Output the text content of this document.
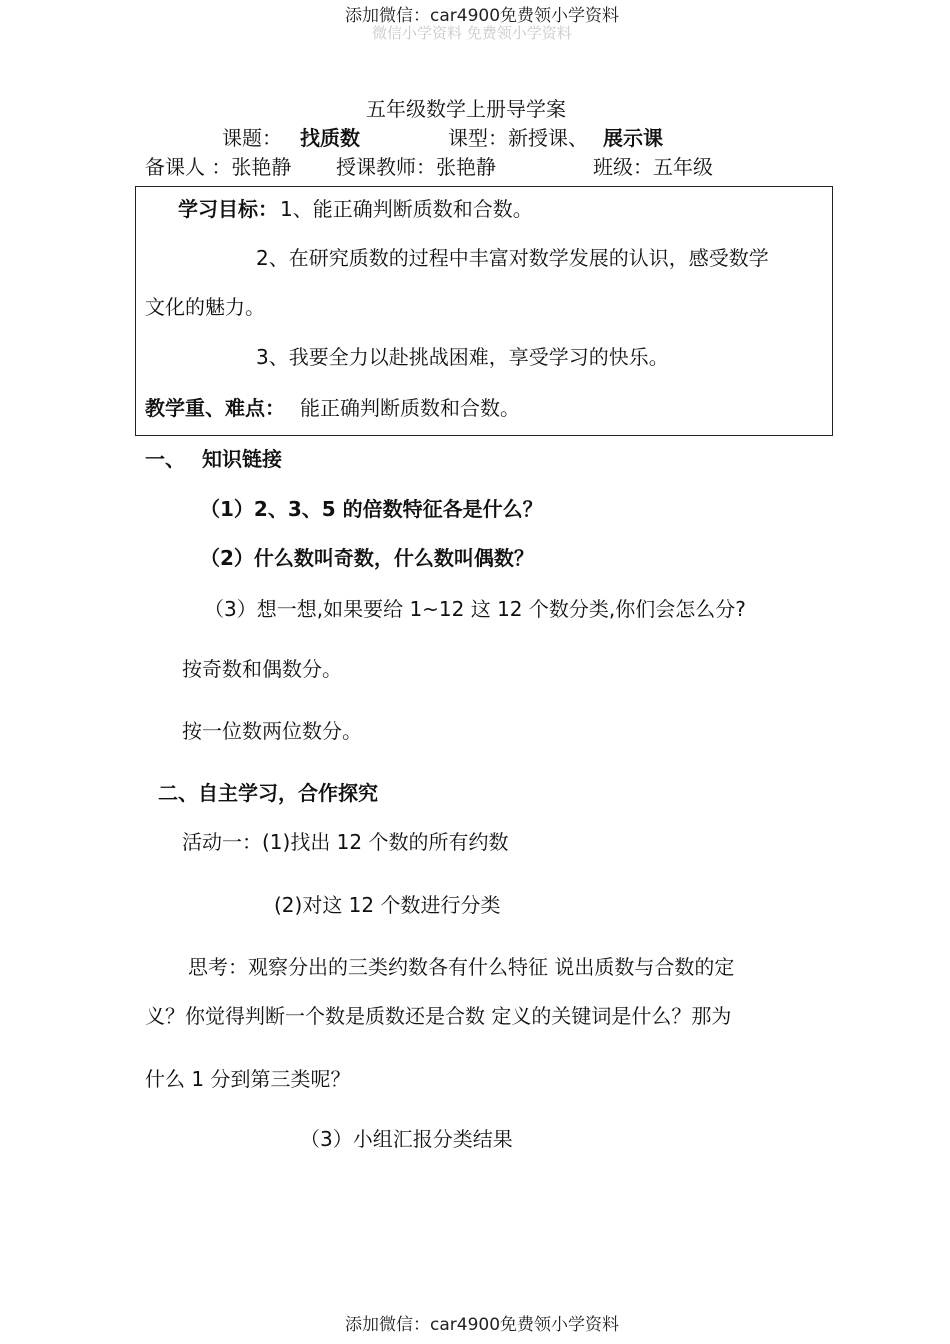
微信小学资料 免费领小学资料
添加微信：car4900免费领小学资料
五年级数学上册导学案
课题： 找质数	课型：新授课、 展示课
备课人 ：张艳静 授课教师：张艳静	班级：五年级
学习目标： 1、能正确判断质数和合数。
2、在研究质数的过程中丰富对数学发展的认识，感受数学
文化的魅力。
3、我要全力以赴挑战困难，享受学习的快乐。
教学重、难点： 能正确判断质数和合数。
一、 知识链接
（1）2、3、5 的倍数特征各是什么？
（2）什么数叫奇数，什么数叫偶数？
（3）想一想,如果要给 1~12 这 12 个数分类,你们会怎么分?
按奇数和偶数分。
按一位数两位数分。
二、自主学习，合作探究
活动一：(1)找出 12 个数的所有约数
(2)对这 12 个数进行分类
思考：观察分出的三类约数各有什么特征 说出质数与合数的定
义？你觉得判断一个数是质数还是合数 定义的关键词是什么？那为
什么 1 分到第三类呢？
（3）小组汇报分类结果
添加微信：car4900免费领小学资料
